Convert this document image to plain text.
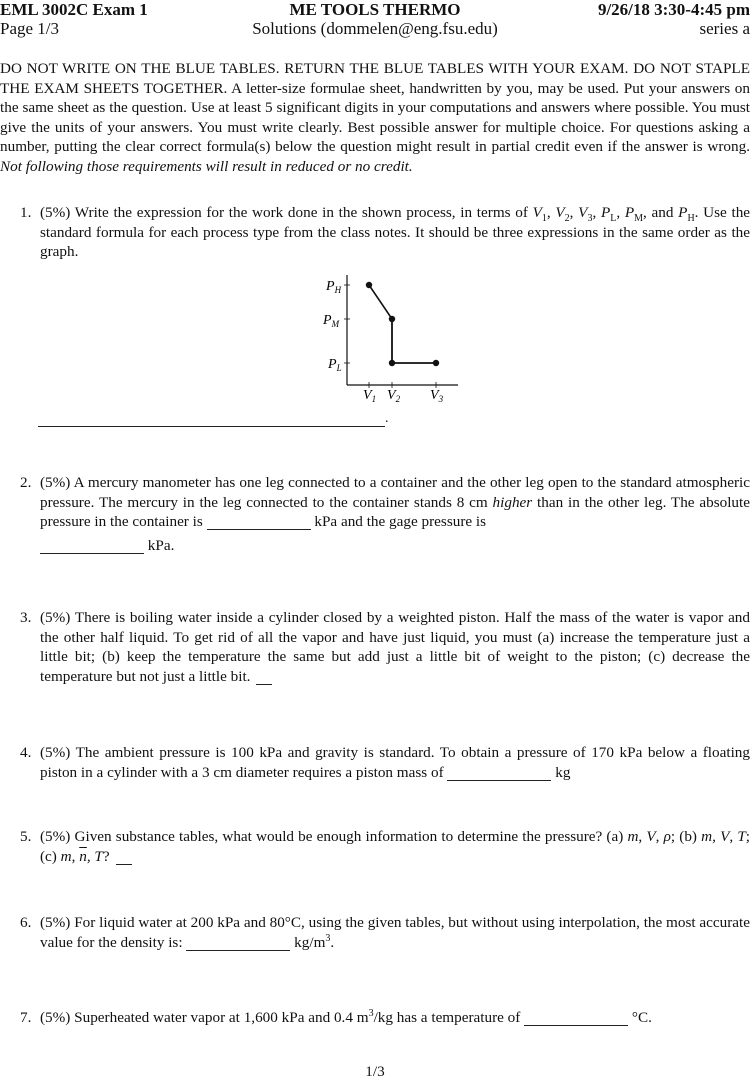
EML 3002C Exam 1	ME TOOLS THERMO	9/26/18 3:30-4:45 pm
Page 1/3	Solutions (dommelen@eng.fsu.edu)	series a
DO NOT WRITE ON THE BLUE TABLES. RETURN THE BLUE TABLES WITH YOUR EXAM. DO NOT STAPLE THE EXAM SHEETS TOGETHER. A letter-size formulae sheet, handwritten by you, may be used. Put your answers on the same sheet as the question. Use at least 5 significant digits in your computations and answers where possible. You must give the units of your answers. You must write clearly. Best possible answer for multiple choice. For questions asking a number, putting the clear correct formula(s) below the question might result in partial credit even if the answer is wrong. Not following those requirements will result in reduced or no credit.
1. (5%) Write the expression for the work done in the shown process, in terms of $V_1$, $V_2$, $V_3$, $P_L$, $P_M$, and $P_H$. Use the standard formula for each process type from the class notes. It should be three expressions in the same order as the graph.
$P_H$
$P_M$
$P_L$
$V_1$ $V_2$ $V_3$
.
2. (5%) A mercury manometer has one leg connected to a container and the other leg open to the standard atmospheric pressure. The mercury in the leg connected to the container stands 8 cm higher than in the other leg. The absolute pressure in the container is	kPa and the gage pressure is
kPa.
3. (5%) There is boiling water inside a cylinder closed by a weighted piston. Half the mass of the water is vapor and the other half liquid. To get rid of all the vapor and have just liquid, you must (a) increase the temperature just a little bit; (b) keep the temperature the same but add just a little bit of weight to the piston; (c) decrease the temperature but not just a little bit.
4. (5%) The ambient pressure is 100 kPa and gravity is standard. To obtain a pressure of 170 kPa below a floating piston in a cylinder with a 3 cm diameter requires a piston mass of	kg
5. (5%) Given substance tables, what would be enough information to determine the pressure? (a) m, V, ρ; (b) m, V, T; (c) m, $\overline{n}$, T?
6. (5%) For liquid water at 200 kPa and 80°C, using the given tables, but without using interpolation, the most accurate value for the density is:	$kg/m^3$.
7. (5%) Superheated water vapor at 1,600 kPa and 0.4 $m^3/kg$ has a temperature of	°C.
1/3
